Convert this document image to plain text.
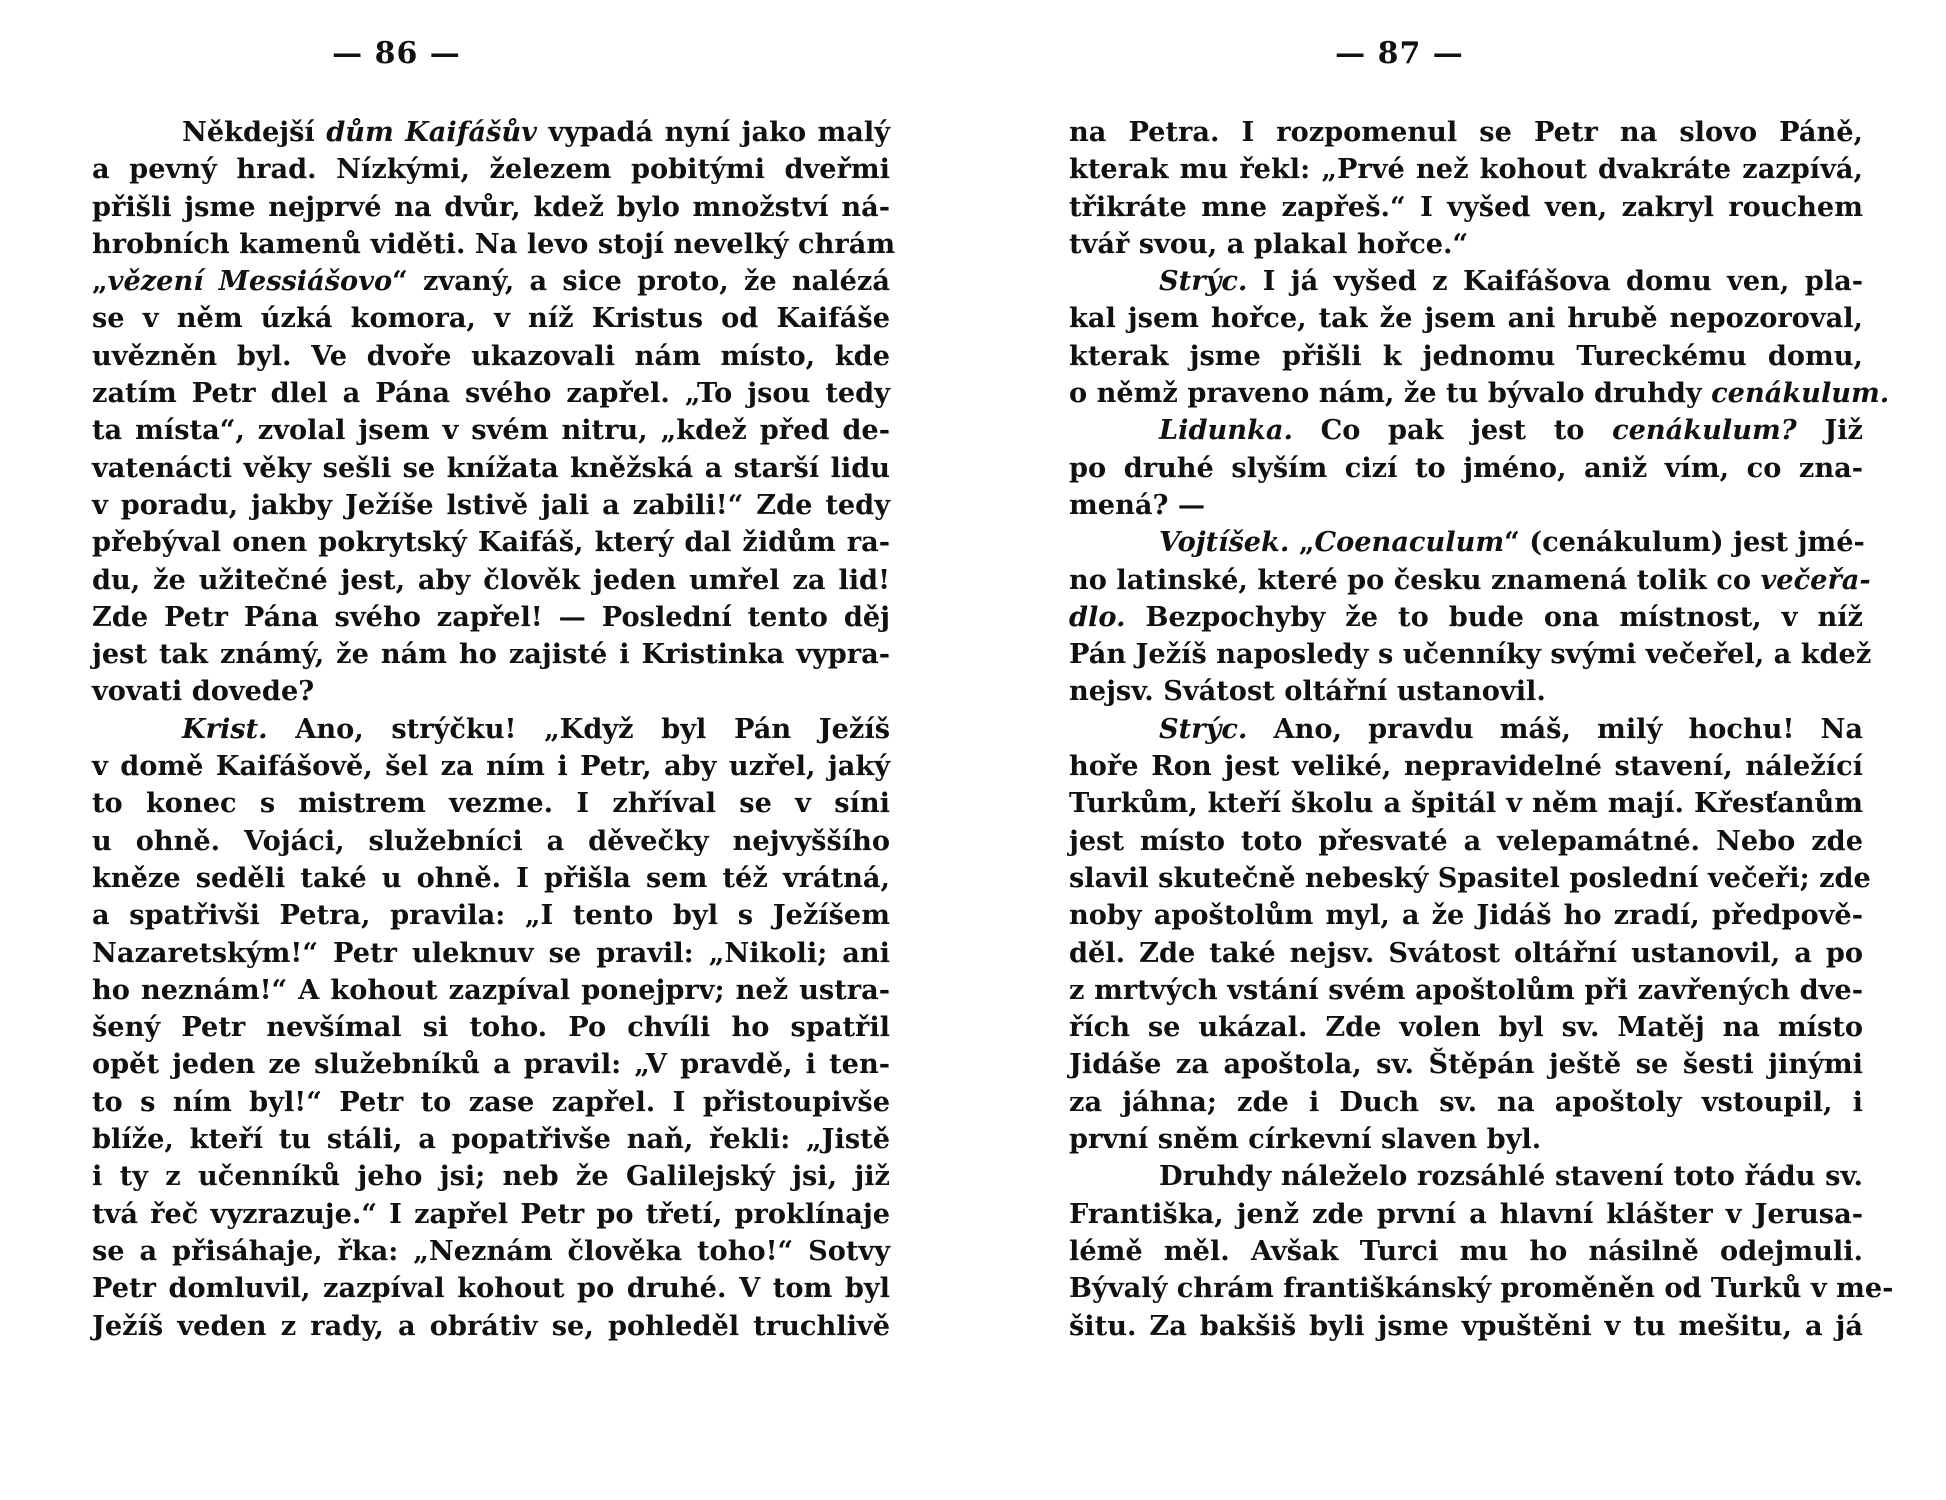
— 86 —
Někdejší dům Kaifášův vypadá nyní jako malý
a pevný hrad. Nízkými, železem pobitými dveřmi
přišli jsme nejprvé na dvůr, kdež bylo množství ná-
hrobních kamenů viděti. Na levo stojí nevelký chrám
„vězení Messiášovo“ zvaný, a sice proto, že nalézá
se v něm úzká komora, v níž Kristus od Kaifáše
uvězněn byl. Ve dvoře ukazovali nám místo, kde
zatím Petr dlel a Pána svého zapřel. „To jsou tedy
ta místa“, zvolal jsem v svém nitru, „kdež před de-
vatenácti věky sešli se knížata kněžská a starší lidu
v poradu, jakby Ježíše lstivě jali a zabili!“ Zde tedy
přebýval onen pokrytský Kaifáš, který dal židům ra-
du, že užitečné jest, aby člověk jeden umřel za lid!
Zde Petr Pána svého zapřel! — Poslední tento děj
jest tak známý, že nám ho zajisté i Kristinka vypra-
vovati dovede?
Krist. Ano, strýčku! „Když byl Pán Ježíš
v domě Kaifášově, šel za ním i Petr, aby uzřel, jaký
to konec s mistrem vezme. I zhříval se v síni
u ohně. Vojáci, služebníci a děvečky nejvyššího
kněze seděli také u ohně. I přišla sem též vrátná,
a spatřivši Petra, pravila: „I tento byl s Ježíšem
Nazaretským!“ Petr uleknuv se pravil: „Nikoli; ani
ho neznám!“ A kohout zazpíval ponejprv; než ustra-
šený Petr nevšímal si toho. Po chvíli ho spatřil
opět jeden ze služebníků a pravil: „V pravdě, i ten-
to s ním byl!“ Petr to zase zapřel. I přistoupivše
blíže, kteří tu stáli, a popatřivše naň, řekli: „Jistě
i ty z učenníků jeho jsi; neb že Galilejský jsi, již
tvá řeč vyzrazuje.“ I zapřel Petr po třetí, proklínaje
se a přisáhaje, řka: „Neznám člověka toho!“ Sotvy
Petr domluvil, zazpíval kohout po druhé. V tom byl
Ježíš veden z rady, a obrátiv se, pohleděl truchlivě
— 87 —
na Petra. I rozpomenul se Petr na slovo Páně,
kterak mu řekl: „Prvé než kohout dvakráte zazpívá,
třikráte mne zapřeš.“ I vyšed ven, zakryl rouchem
tvář svou, a plakal hořce.“
Strýc. I já vyšed z Kaifášova domu ven, pla-
kal jsem hořce, tak že jsem ani hrubě nepozoroval,
kterak jsme přišli k jednomu Tureckému domu,
o němž praveno nám, že tu bývalo druhdy cenákulum.
Lidunka. Co pak jest to cenákulum? Již
po druhé slyším cizí to jméno, aniž vím, co zna-
mená? —
Vojtíšek. „Coenaculum“ (cenákulum) jest jmé-
no latinské, které po česku znamená tolik co večeřa-
dlo. Bezpochyby že to bude ona místnost, v níž
Pán Ježíš naposledy s učenníky svými večeřel, a kdež
nejsv. Svátost oltářní ustanovil.
Strýc. Ano, pravdu máš, milý hochu! Na
hoře Ron jest veliké, nepravidelné stavení, náležící
Turkům, kteří školu a špitál v něm mají. Křesťanům
jest místo toto přesvaté a velepamátné. Nebo zde
slavil skutečně nebeský Spasitel poslední večeři; zde
noby apoštolům myl, a že Jidáš ho zradí, předpově-
děl. Zde také nejsv. Svátost oltářní ustanovil, a po
z mrtvých vstání svém apoštolům při zavřených dve-
řích se ukázal. Zde volen byl sv. Matěj na místo
Jidáše za apoštola, sv. Štěpán ještě se šesti jinými
za jáhna; zde i Duch sv. na apoštoly vstoupil, i
první sněm církevní slaven byl.
Druhdy náleželo rozsáhlé stavení toto řádu sv.
Františka, jenž zde první a hlavní klášter v Jerusa-
lémě měl. Avšak Turci mu ho násilně odejmuli.
Bývalý chrám františkánský proměněn od Turků v me-
šitu. Za bakšiš byli jsme vpuštěni v tu mešitu, a já
